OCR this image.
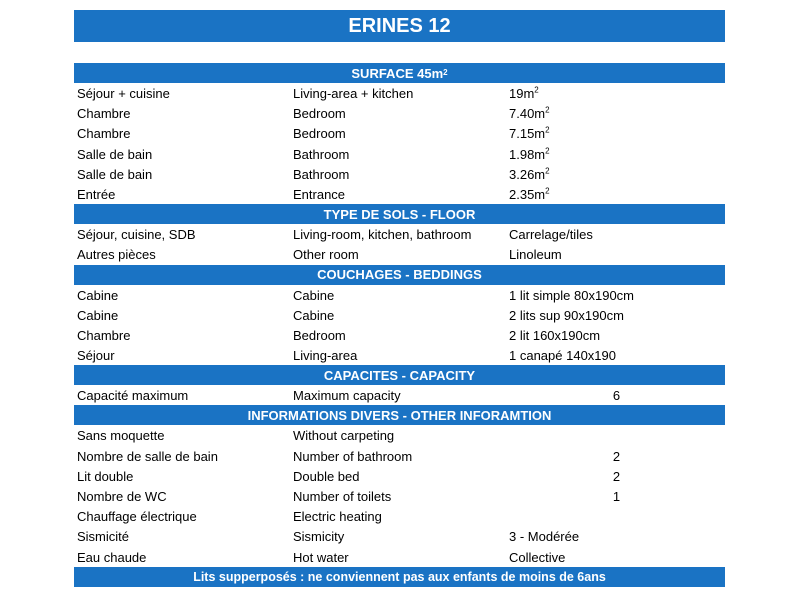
ERINES 12
SURFACE 45m 2
Séjour + cuisine	Living-area + kitchen	$19m^2$
Chambre	Bedroom	$7.40m^2$
Chambre	Bedroom	$7.15m^2$
Salle de bain	Bathroom	$1.98m^2$
Salle de bain	Bathroom	$3.26m^2$
Entrée	Entrance	$2.35m^2$
TYPE DE SOLS - FLOOR
Séjour, cuisine, SDB	Living-room, kitchen, bathroom	Carrelage/tiles
Autres pièces	Other room	Linoleum
COUCHAGES - BEDDINGS
Cabine	Cabine	1 lit simple 80x190cm
Cabine	Cabine	2 lits sup 90x190cm
Chambre	Bedroom	2 lit 160x190cm
Séjour	Living-area	1 canapé 140x190
CAPACITES - CAPACITY
Capacité maximum	Maximum capacity	6
INFORMATIONS DIVERS - OTHER INFORAMTION
Sans moquette	Without carpeting
Nombre de salle de bain	Number of bathroom	2
Lit double	Double bed	2
Nombre de WC	Number of toilets	1
Chauffage électrique	Electric heating
Sismicité	Sismicity	3 - Modérée
Eau chaude	Hot water	Collective
Lits supperposés : ne conviennent pas aux enfants de moins de 6ans
